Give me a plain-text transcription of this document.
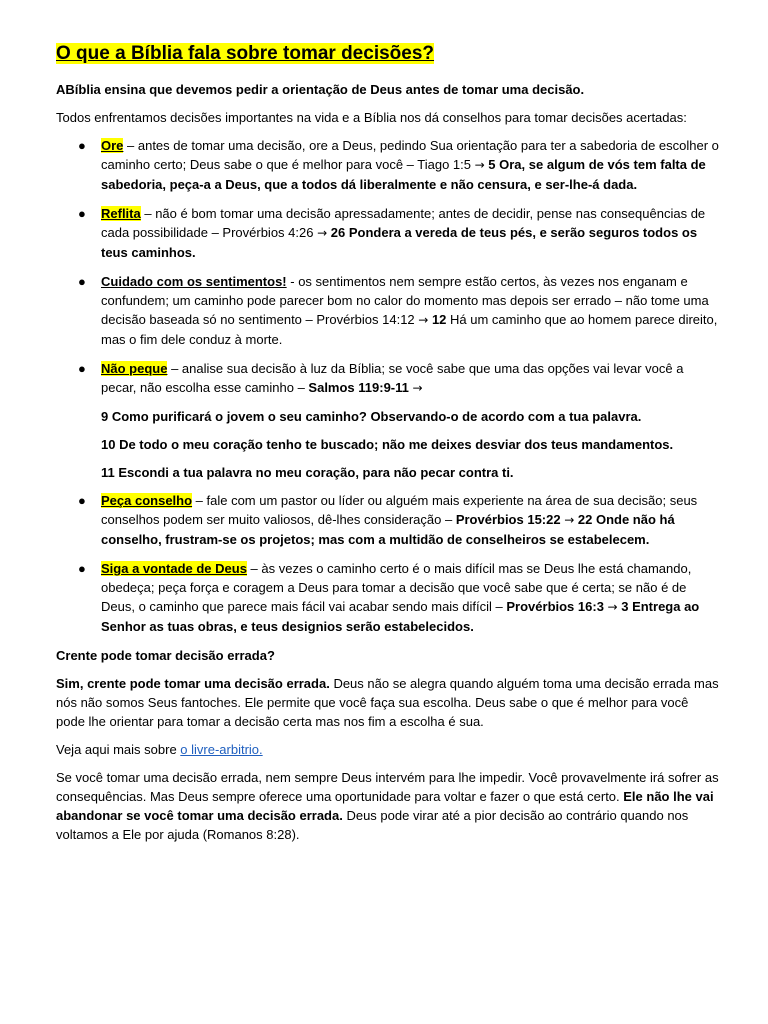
O que a Bíblia fala sobre tomar decisões?

ABíblia ensina que devemos pedir a orientação de Deus antes de tomar uma decisão.

Todos enfrentamos decisões importantes na vida e a Bíblia nos dá conselhos para tomar decisões acertadas:

● Ore – antes de tomar uma decisão, ore a Deus, pedindo Sua orientação para ter a sabedoria de escolher o caminho certo; Deus sabe o que é melhor para você – Tiago 1:5 → 5 Ora, se algum de vós tem falta de sabedoria, peça-a a Deus, que a todos dá liberalmente e não censura, e ser-lhe-á dada.
● Reflita – não é bom tomar uma decisão apressadamente; antes de decidir, pense nas consequências de cada possibilidade – Provérbios 4:26 → 26 Pondera a vereda de teus pés, e serão seguros todos os teus caminhos.
● Cuidado com os sentimentos! - os sentimentos nem sempre estão certos, às vezes nos enganam e confundem; um caminho pode parecer bom no calor do momento mas depois ser errado – não tome uma decisão baseada só no sentimento – Provérbios 14:12 → 12 Há um caminho que ao homem parece direito, mas o fim dele conduz à morte.
● Não peque – analise sua decisão à luz da Bíblia; se você sabe que uma das opções vai levar você a pecar, não escolha esse caminho – Salmos 119:9-11 →

9 Como purificará o jovem o seu caminho? Observando-o de acordo com a tua palavra.

10 De todo o meu coração tenho te buscado; não me deixes desviar dos teus mandamentos.

11 Escondi a tua palavra no meu coração, para não pecar contra ti.

● Peça conselho – fale com um pastor ou líder ou alguém mais experiente na área de sua decisão; seus conselhos podem ser muito valiosos, dê-lhes consideração – Provérbios 15:22 → 22 Onde não há conselho, frustram-se os projetos; mas com a multidão de conselheiros se estabelecem.
● Siga a vontade de Deus – às vezes o caminho certo é o mais difícil mas se Deus lhe está chamando, obedeça; peça força e coragem a Deus para tomar a decisão que você sabe que é certa; se não é de Deus, o caminho que parece mais fácil vai acabar sendo mais difícil – Provérbios 16:3 → 3 Entrega ao Senhor as tuas obras, e teus designios serão estabelecidos.

Crente pode tomar decisão errada?

Sim, crente pode tomar uma decisão errada. Deus não se alegra quando alguém toma uma decisão errada mas nós não somos Seus fantoches. Ele permite que você faça sua escolha. Deus sabe o que é melhor para você pode lhe orientar para tomar a decisão certa mas nos fim a escolha é sua.

Veja aqui mais sobre o livre-arbitrio.

Se você tomar uma decisão errada, nem sempre Deus intervém para lhe impedir. Você provavelmente irá sofrer as consequências. Mas Deus sempre oferece uma oportunidade para voltar e fazer o que está certo. Ele não lhe vai abandonar se você tomar uma decisão errada. Deus pode virar até a pior decisão ao contrário quando nos voltamos a Ele por ajuda (Romanos 8:28).
